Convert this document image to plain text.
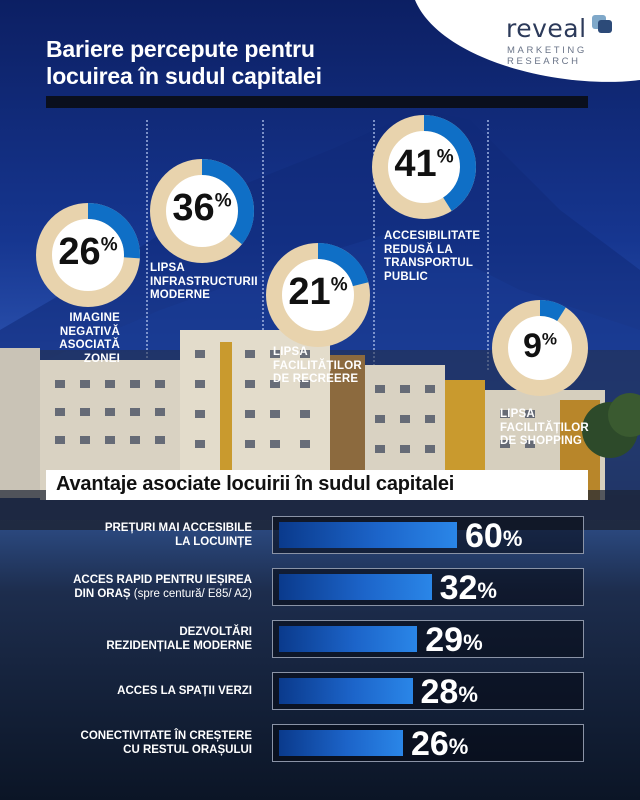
reveal
MARKETING
RESEARCH
Bariere percepute pentru
locuirea în sudul capitalei
26%
IMAGINE
NEGATIVĂ
ASOCIATĂ
ZONEI
36%
LIPSA
INFRASTRUCTURII
MODERNE	21%
LIPSA
FACILITĂȚILOR
DE RECREERE
41%
ACCESIBILITATE
REDUSĂ LA
TRANSPORTUL
PUBLIC
9%
LIPSA
FACILITĂȚILOR
DE SHOPPING
Avantaje asociate locuirii în sudul capitalei
PREȚURI MAI ACCESIBILE
LA LOCUINȚE	60%
ACCES RAPID PENTRU IEȘIREA
DIN ORAȘ (spre centură/ E85/ A2)	32%
DEZVOLTĂRI
REZIDENȚIALE MODERNE	29%
ACCES LA SPAȚII VERZI	28%
CONECTIVITATE ÎN CREȘTERE
CU RESTUL ORAȘULUI	26%
